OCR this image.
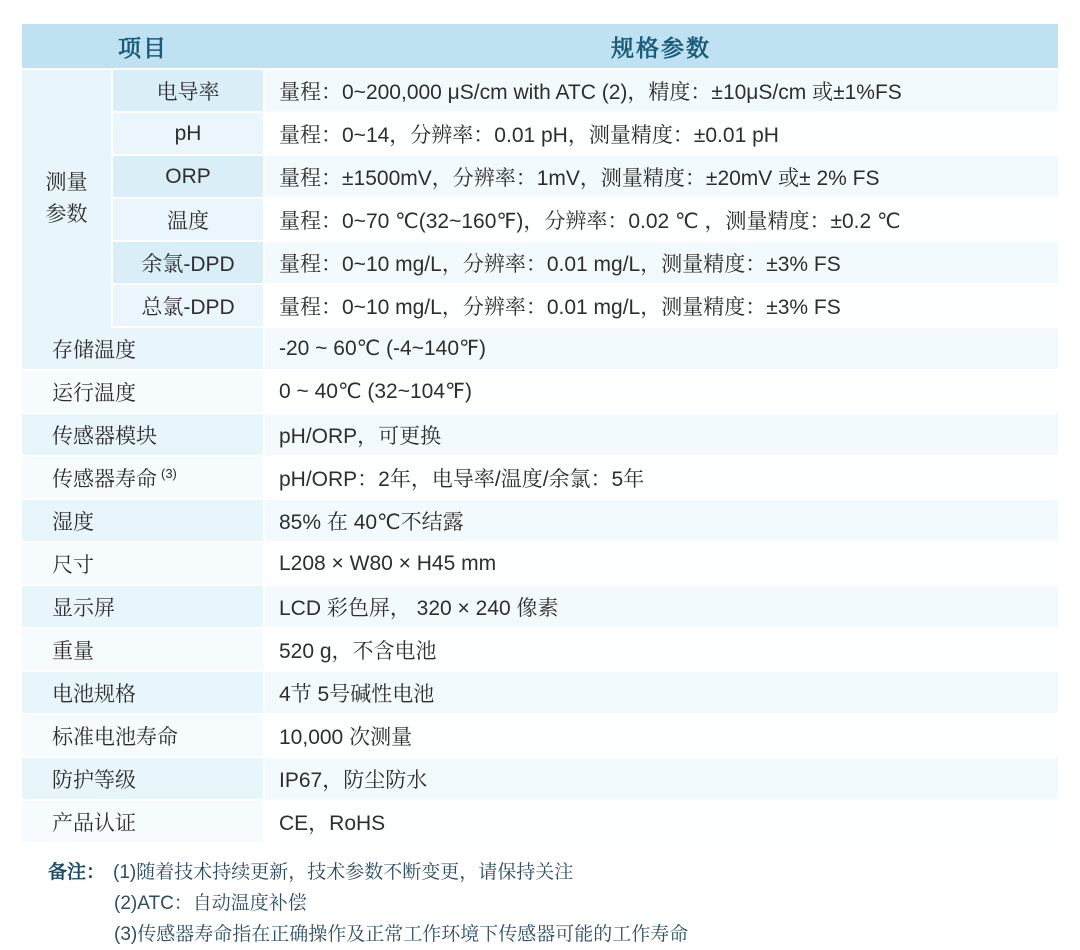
项目		规格参数
测量
参数	电导率	量程：0~200,000 μS/cm with ATC (2)，精度：±10μS/cm 或±1%FS
	pH	量程：0~14，分辨率：0.01 pH，测量精度：±0.01 pH
	ORP	量程：±1500mV，分辨率：1mV，测量精度：±20mV 或± 2% FS
	温度	量程：0~70 ℃(32~160℉)，分辨率：0.02 ℃ ，测量精度：±0.2 ℃
	余氯-DPD	量程：0~10 mg/L，分辨率：0.01 mg/L，测量精度：±3% FS
	总氯-DPD	量程：0~10 mg/L，分辨率：0.01 mg/L，测量精度：±3% FS
存储温度		-20 ~ 60℃ (-4~140℉)
运行温度		0 ~ 40℃ (32~104℉)
传感器模块		pH/ORP，可更换
传感器寿命 $^{(3)}$		pH/ORP：2年，电导率/温度/余氯：5年
湿度		85% 在 40℃不结露
尺寸		L208 × W80 × H45 mm
显示屏		LCD 彩色屏， 320 × 240 像素
重量		520 g，不含电池
电池规格		4节 5号碱性电池
标准电池寿命		10,000 次测量
防护等级		IP67，防尘防水
产品认证		CE，RoHS
备注： (1)随着技术持续更新，技术参数不断变更，请保持关注
(2)ATC：自动温度补偿
(3)传感器寿命指在正确操作及正常工作环境下传感器可能的工作寿命
